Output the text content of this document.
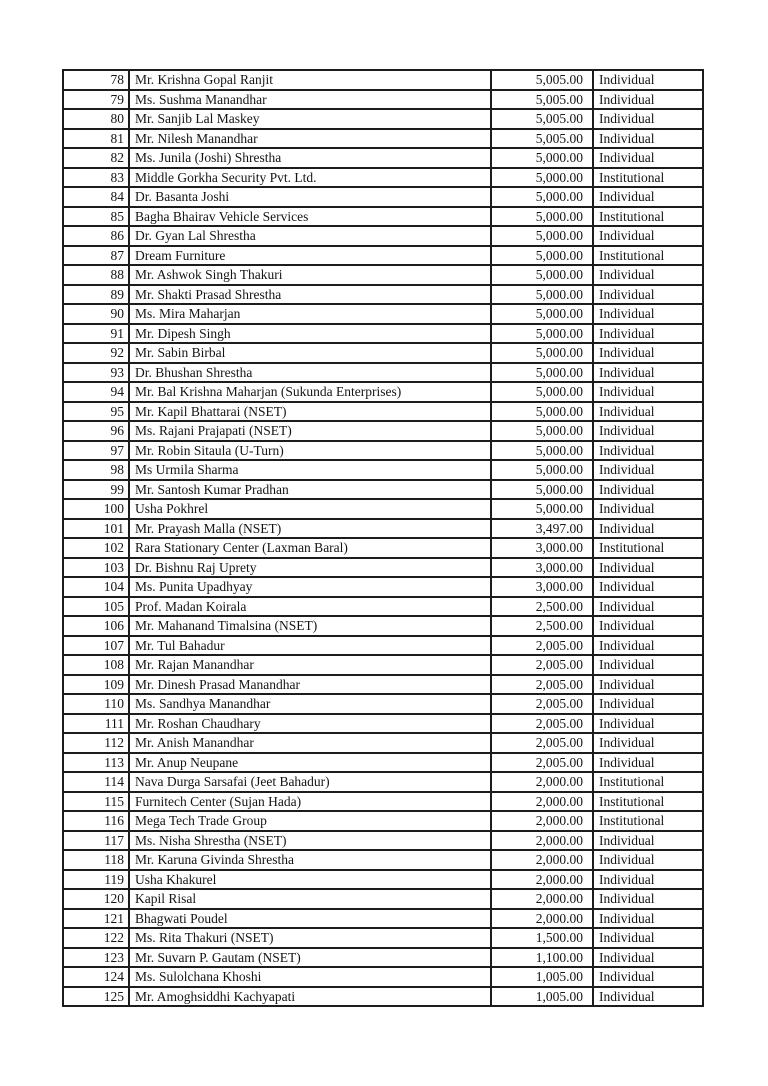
78	Mr. Krishna Gopal Ranjit	5,005.00	Individual
79	Ms. Sushma Manandhar	5,005.00	Individual
80	Mr. Sanjib Lal Maskey	5,005.00	Individual
81	Mr. Nilesh Manandhar	5,005.00	Individual
82	Ms. Junila (Joshi) Shrestha	5,000.00	Individual
83	Middle Gorkha Security Pvt. Ltd.	5,000.00	Institutional
84	Dr. Basanta Joshi	5,000.00	Individual
85	Bagha Bhairav Vehicle Services	5,000.00	Institutional
86	Dr. Gyan Lal Shrestha	5,000.00	Individual
87	Dream Furniture	5,000.00	Institutional
88	Mr. Ashwok Singh Thakuri	5,000.00	Individual
89	Mr. Shakti Prasad Shrestha	5,000.00	Individual
90	Ms. Mira Maharjan	5,000.00	Individual
91	Mr. Dipesh Singh	5,000.00	Individual
92	Mr. Sabin Birbal	5,000.00	Individual
93	Dr. Bhushan Shrestha	5,000.00	Individual
94	Mr. Bal Krishna Maharjan (Sukunda Enterprises)	5,000.00	Individual
95	Mr. Kapil Bhattarai (NSET)	5,000.00	Individual
96	Ms. Rajani Prajapati (NSET)	5,000.00	Individual
97	Mr. Robin Sitaula (U-Turn)	5,000.00	Individual
98	Ms Urmila Sharma	5,000.00	Individual
99	Mr. Santosh Kumar Pradhan	5,000.00	Individual
100	Usha Pokhrel	5,000.00	Individual
101	Mr. Prayash Malla (NSET)	3,497.00	Individual
102	Rara Stationary Center (Laxman Baral)	3,000.00	Institutional
103	Dr. Bishnu Raj Uprety	3,000.00	Individual
104	Ms. Punita Upadhyay	3,000.00	Individual
105	Prof. Madan Koirala	2,500.00	Individual
106	Mr. Mahanand Timalsina (NSET)	2,500.00	Individual
107	Mr. Tul Bahadur	2,005.00	Individual
108	Mr. Rajan Manandhar	2,005.00	Individual
109	Mr. Dinesh Prasad Manandhar	2,005.00	Individual
110	Ms. Sandhya Manandhar	2,005.00	Individual
111	Mr. Roshan Chaudhary	2,005.00	Individual
112	Mr. Anish Manandhar	2,005.00	Individual
113	Mr. Anup Neupane	2,005.00	Individual
114	Nava Durga Sarsafai (Jeet Bahadur)	2,000.00	Institutional
115	Furnitech Center (Sujan Hada)	2,000.00	Institutional
116	Mega Tech Trade Group	2,000.00	Institutional
117	Ms. Nisha Shrestha (NSET)	2,000.00	Individual
118	Mr. Karuna Givinda Shrestha	2,000.00	Individual
119	Usha Khakurel	2,000.00	Individual
120	Kapil Risal	2,000.00	Individual
121	Bhagwati Poudel	2,000.00	Individual
122	Ms. Rita Thakuri (NSET)	1,500.00	Individual
123	Mr. Suvarn P. Gautam (NSET)	1,100.00	Individual
124	Ms. Sulolchana Khoshi	1,005.00	Individual
125	Mr. Amoghsiddhi Kachyapati	1,005.00	Individual
